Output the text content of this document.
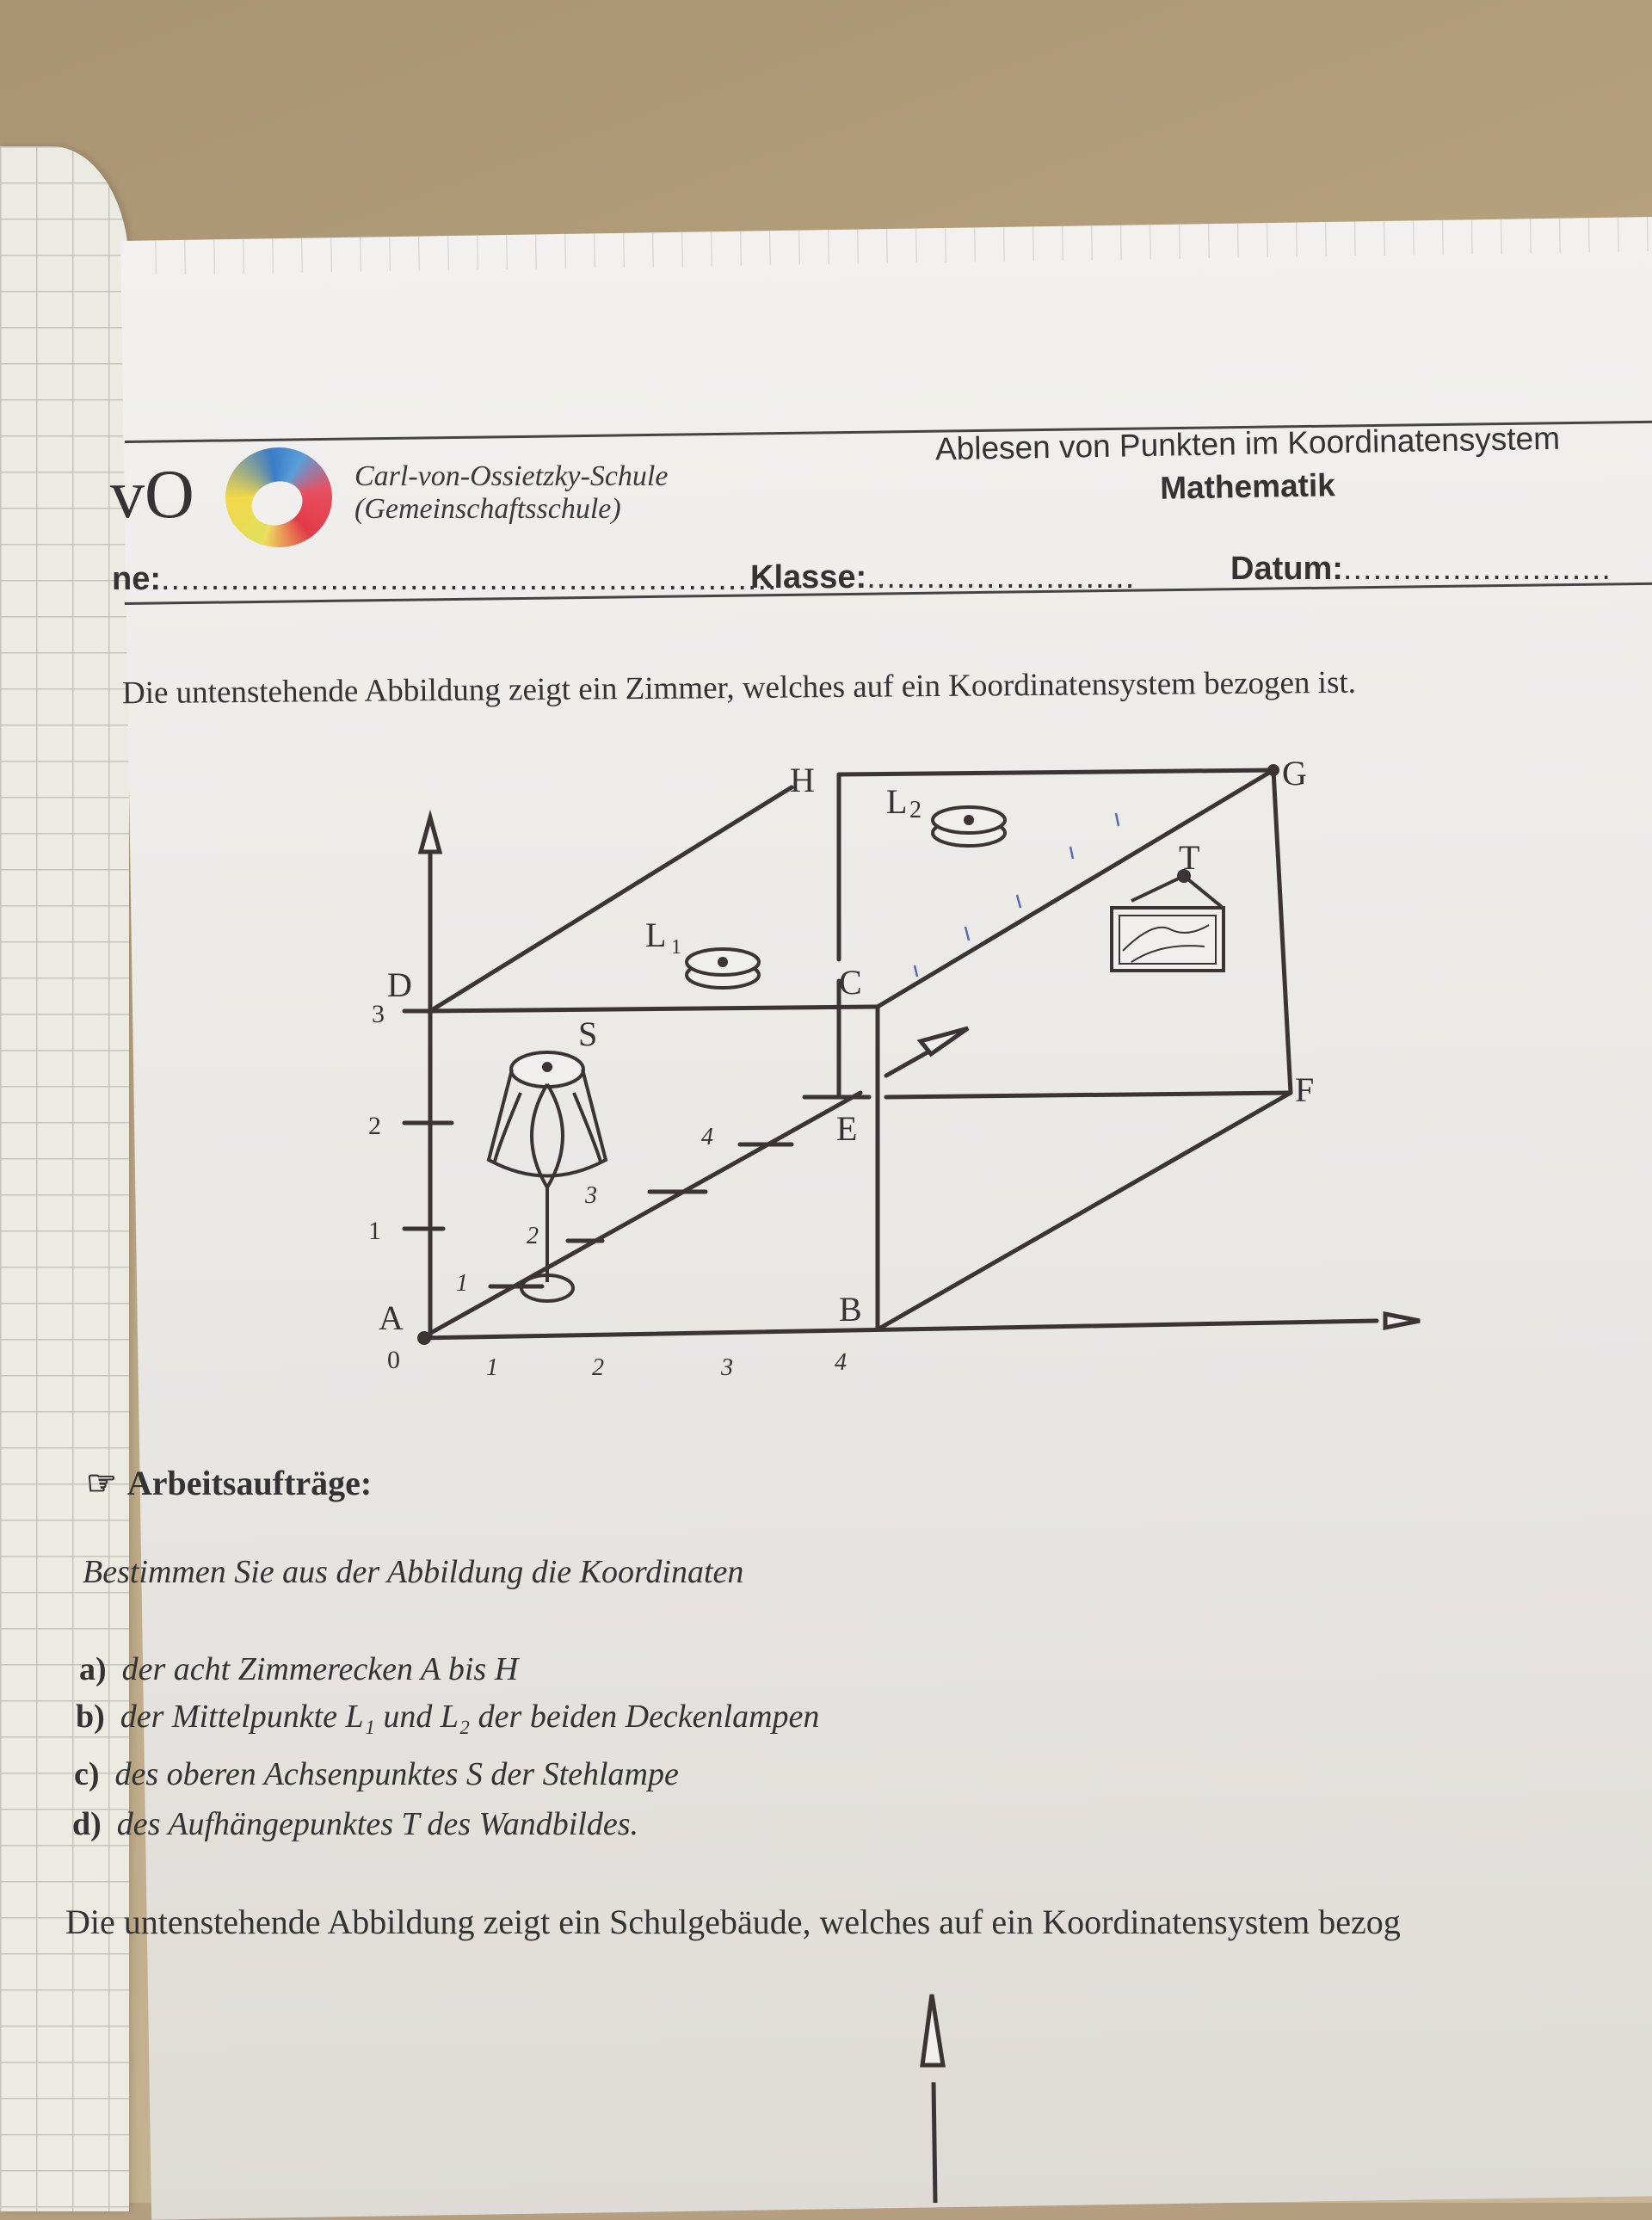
vO	Carl-von-Ossietzky-Schule
(Gemeinschaftsschule)
Ablesen von Punkten im Koordinatensystem
Mathematik
ne:..............................................................
Klasse:...........................	Datum:...........................
Die untenstehende Abbildung zeigt ein Zimmer, welches auf ein Koordinatensystem bezogen ist.
A	B
C
D
E
F
G
H
S
T
L 1
L 2
0
1
2
3
1	2	3	4
1
2
3
4
☞ Arbeitsaufträge:
Bestimmen Sie aus der Abbildung die Koordinaten
a) der acht Zimmerecken A bis H
b) der Mittelpunkte L₁ und L₂ der beiden Deckenlampen
c) des oberen Achsenpunktes S der Stehlampe
d) des Aufhängepunktes T des Wandbildes.
Die untenstehende Abbildung zeigt ein Schulgebäude, welches auf ein Koordinatensystem bezog
